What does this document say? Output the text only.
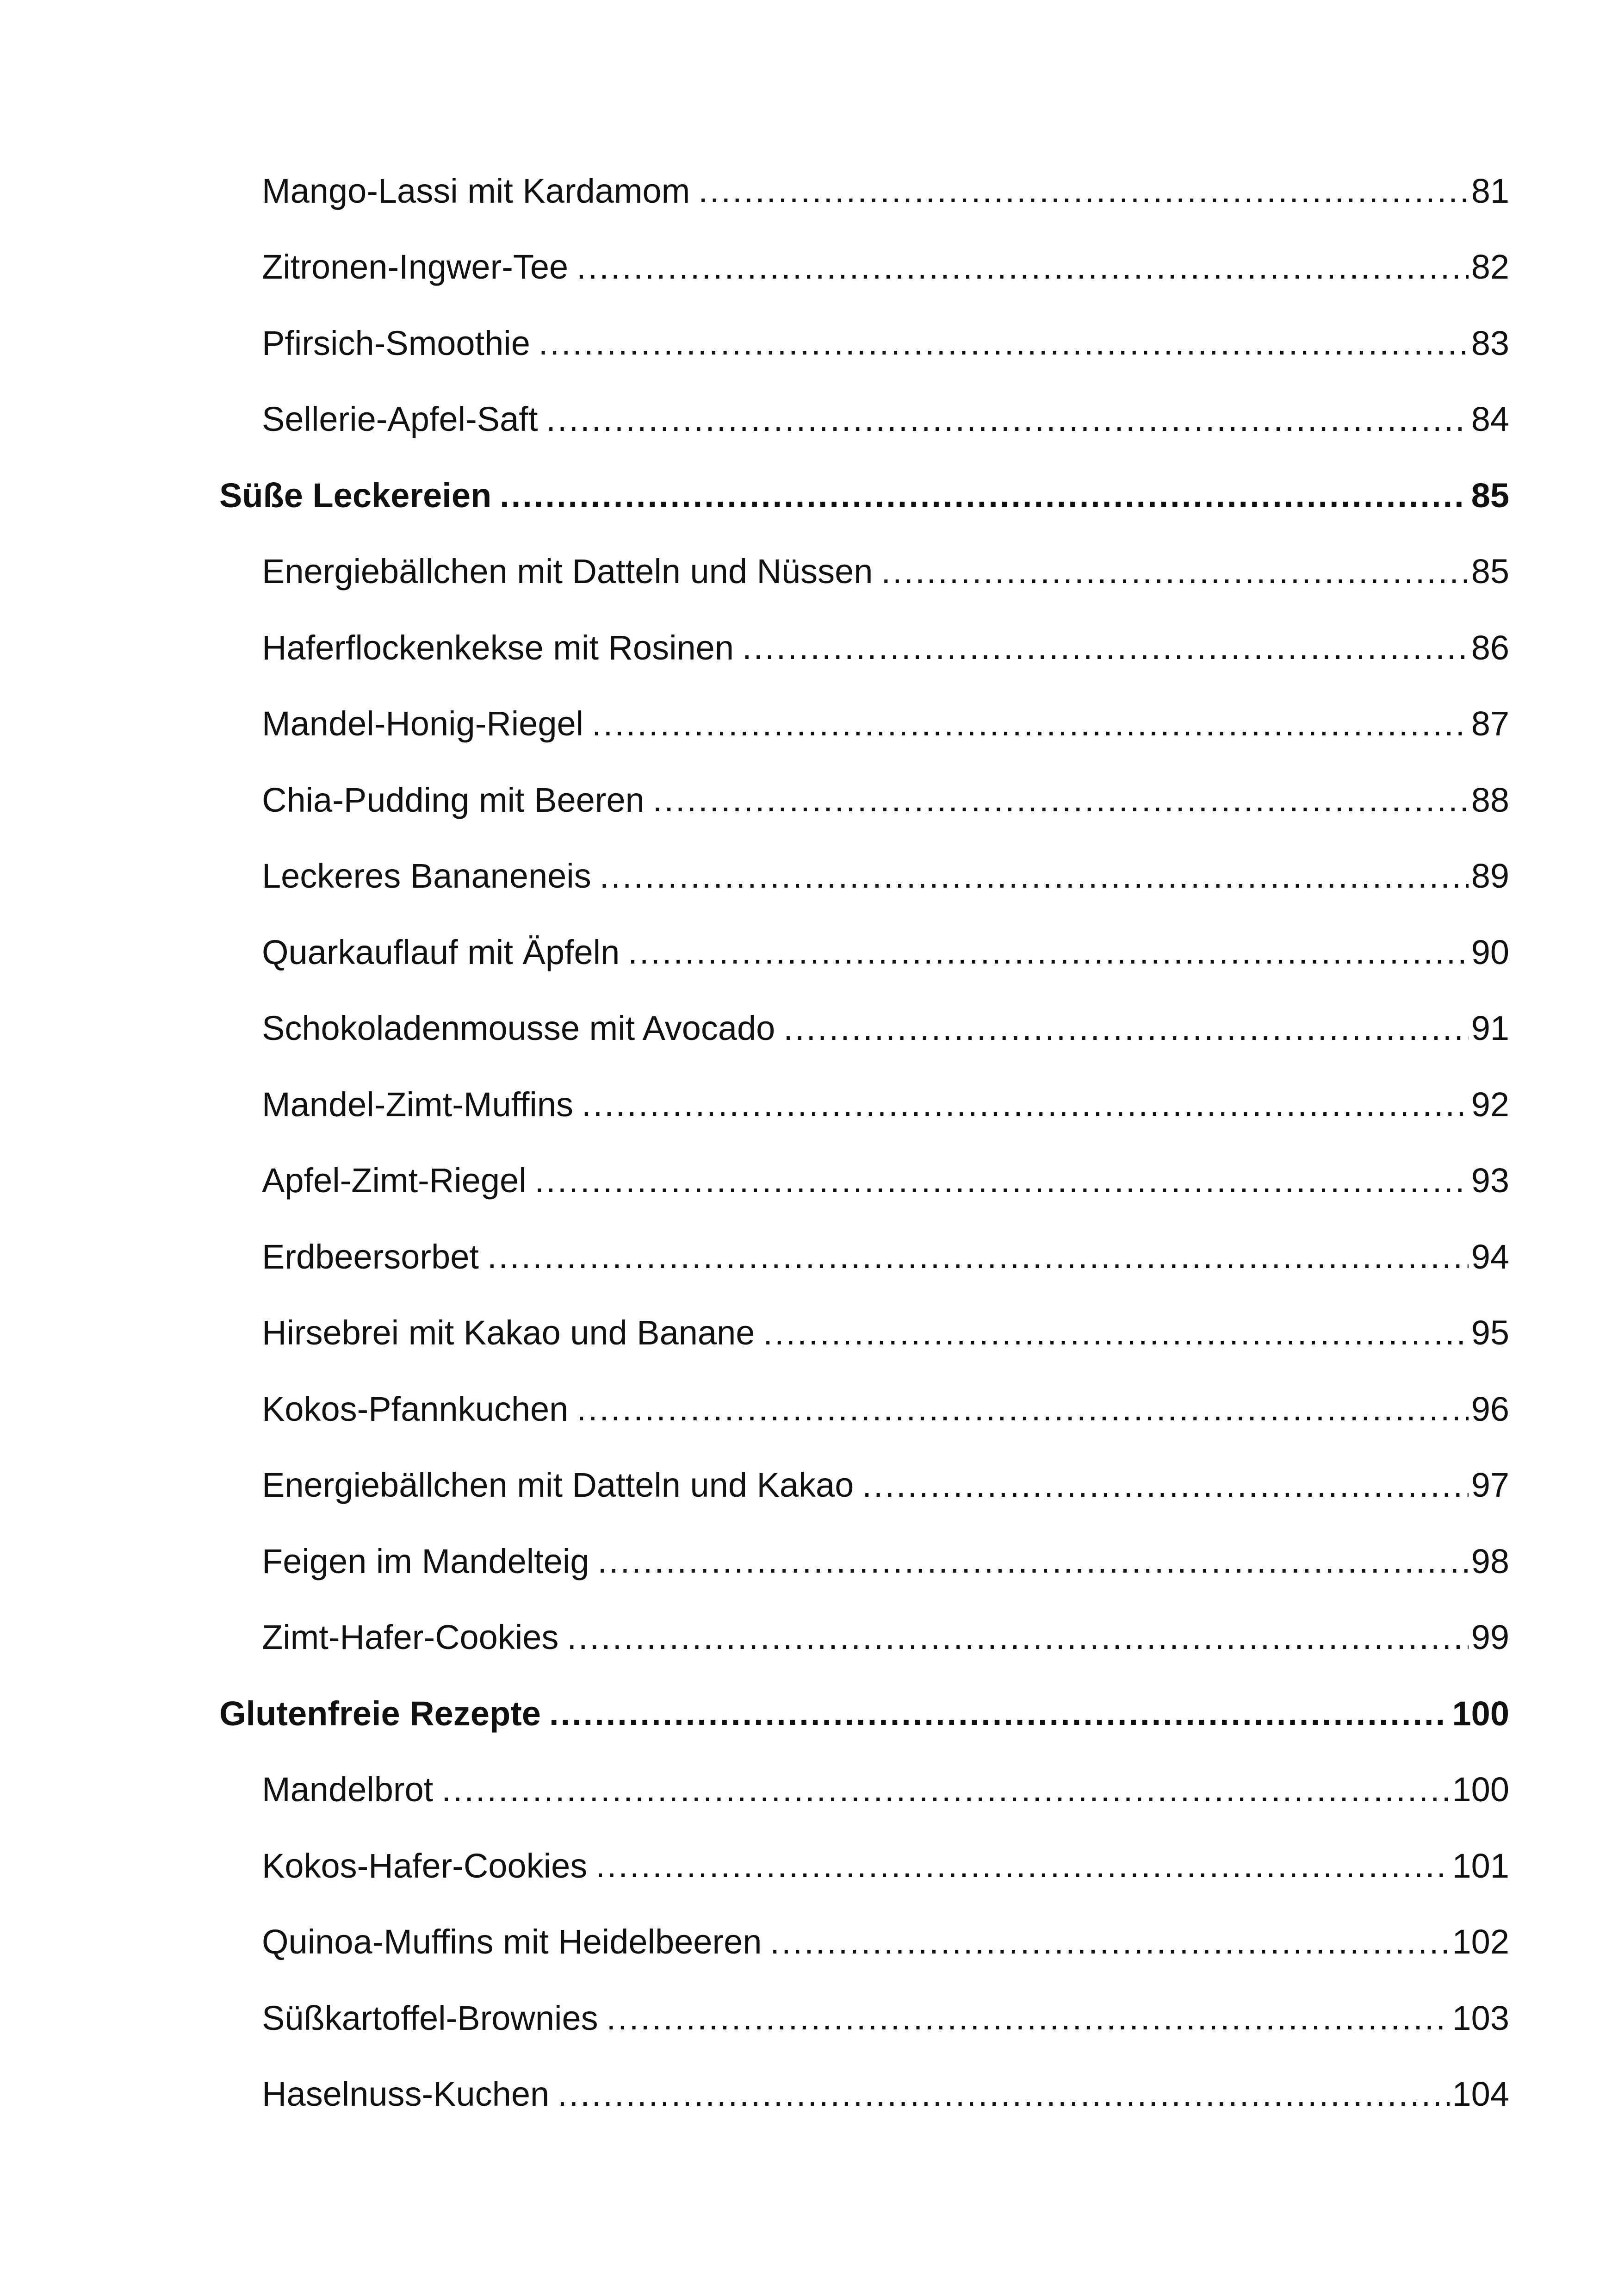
Mango-Lassi mit Kardamom .....	81
Zitronen-Ingwer-Tee .....	82
Pfirsich-Smoothie .....	83
Sellerie-Apfel-Saft .....	84
Süße Leckereien .....	85
Energiebällchen mit Datteln und Nüssen .....	85
Haferflockenkekse mit Rosinen .....	86
Mandel-Honig-Riegel .....	87
Chia-Pudding mit Beeren .....	88
Leckeres Bananeneis .....	89
Quarkauflauf mit Äpfeln .....	90
Schokoladenmousse mit Avocado .....	91
Mandel-Zimt-Muffins .....	92
Apfel-Zimt-Riegel .....	93
Erdbeersorbet .....	94
Hirsebrei mit Kakao und Banane .....	95
Kokos-Pfannkuchen .....	96
Energiebällchen mit Datteln und Kakao .....	97
Feigen im Mandelteig .....	98
Zimt-Hafer-Cookies .....	99
Glutenfreie Rezepte .....	100
Mandelbrot .....	100
Kokos-Hafer-Cookies .....	101
Quinoa-Muffins mit Heidelbeeren .....	102
Süßkartoffel-Brownies .....	103
Haselnuss-Kuchen .....	104
